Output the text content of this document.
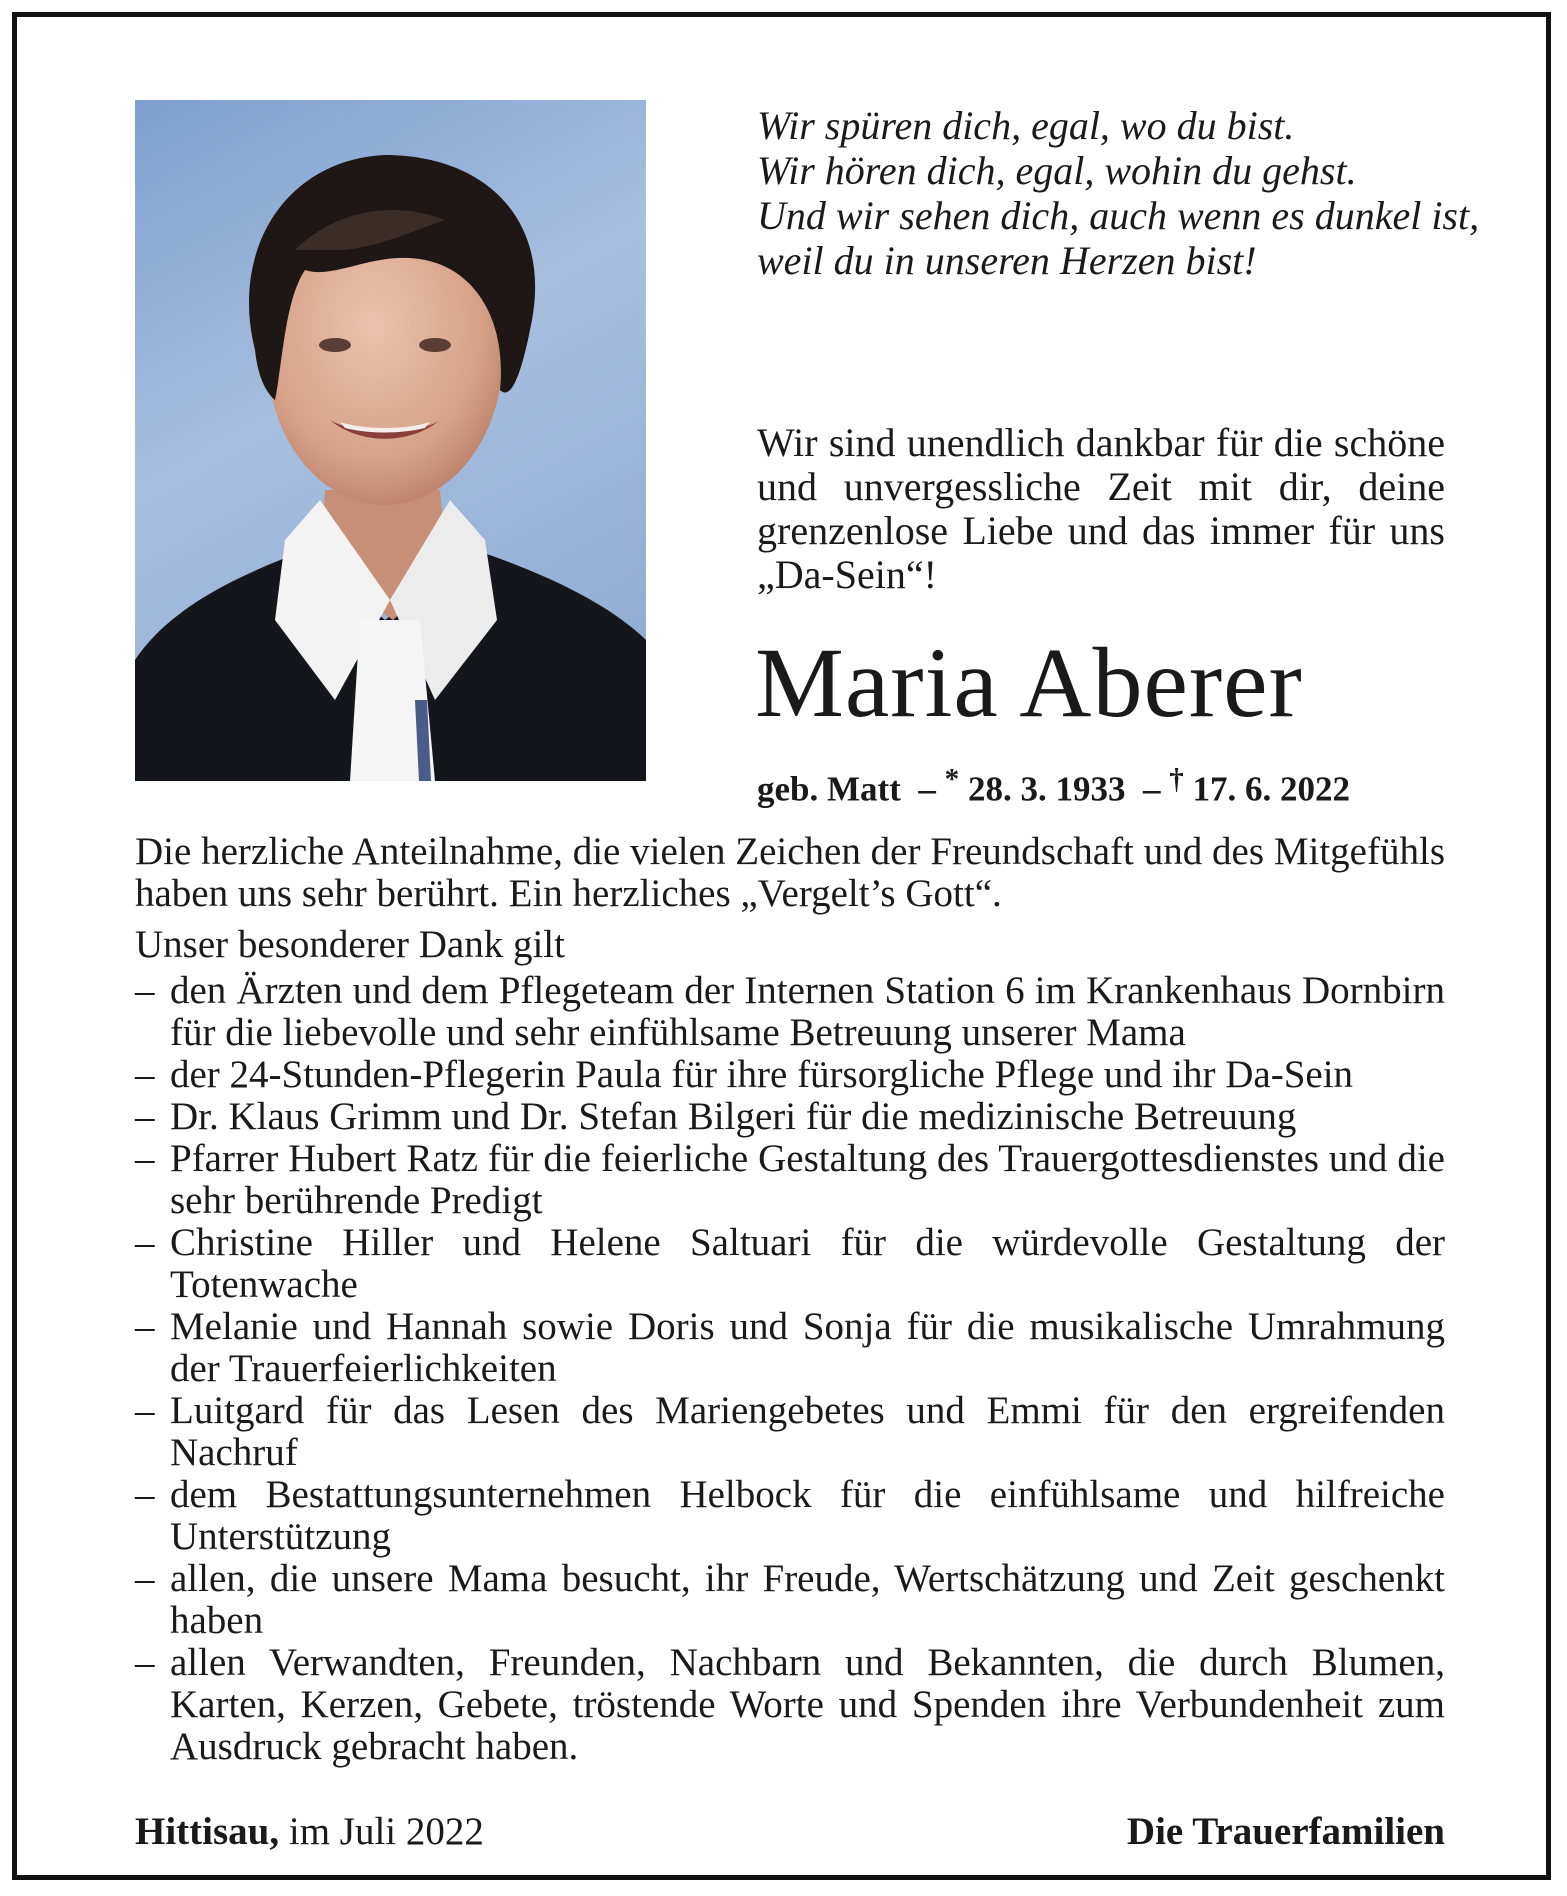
Wir spüren dich, egal, wo du bist.
Wir hören dich, egal, wohin du gehst.
Und wir sehen dich, auch wenn es dunkel ist,
weil du in unseren Herzen bist!
Wir sind unendlich dankbar für die schöne und unvergessliche Zeit mit dir, deine grenzenlose Liebe und das immer für uns „Da-Sein“!
Maria Aberer
geb. Matt  – * 28. 3. 1933  – † 17. 6. 2022

Die herzliche Anteilnahme, die vielen Zeichen der Freundschaft und des Mitgefühls haben uns sehr berührt. Ein herzliches „Vergelt’s Gott“.

Unser besonderer Dank gilt

– den Ärzten und dem Pflegeteam der Internen Station 6 im Krankenhaus Dornbirn für die liebevolle und sehr einfühlsame Betreuung unserer Mama
– der 24-Stunden-Pflegerin Paula für ihre fürsorgliche Pflege und ihr Da-Sein
– Dr. Klaus Grimm und Dr. Stefan Bilgeri für die medizinische Betreuung
– Pfarrer Hubert Ratz für die feierliche Gestaltung des Trauergottesdienstes und die sehr berührende Predigt
– Christine Hiller und Helene Saltuari für die würdevolle Gestaltung der Totenwache
– Melanie und Hannah sowie Doris und Sonja für die musikalische Umrahmung der Trauerfeierlichkeiten
– Luitgard für das Lesen des Mariengebetes und Emmi für den ergreifenden Nachruf
– dem Bestattungsunternehmen Helbock für die einfühlsame und hilfreiche Unterstützung
– allen, die unsere Mama besucht, ihr Freude, Wertschätzung und Zeit geschenkt haben
– allen Verwandten, Freunden, Nachbarn und Bekannten, die durch Blumen, Karten, Kerzen, Gebete, tröstende Worte und Spenden ihre Verbundenheit zum Ausdruck gebracht haben.
Hittisau, im Juli 2022	Die Trauerfamilien
